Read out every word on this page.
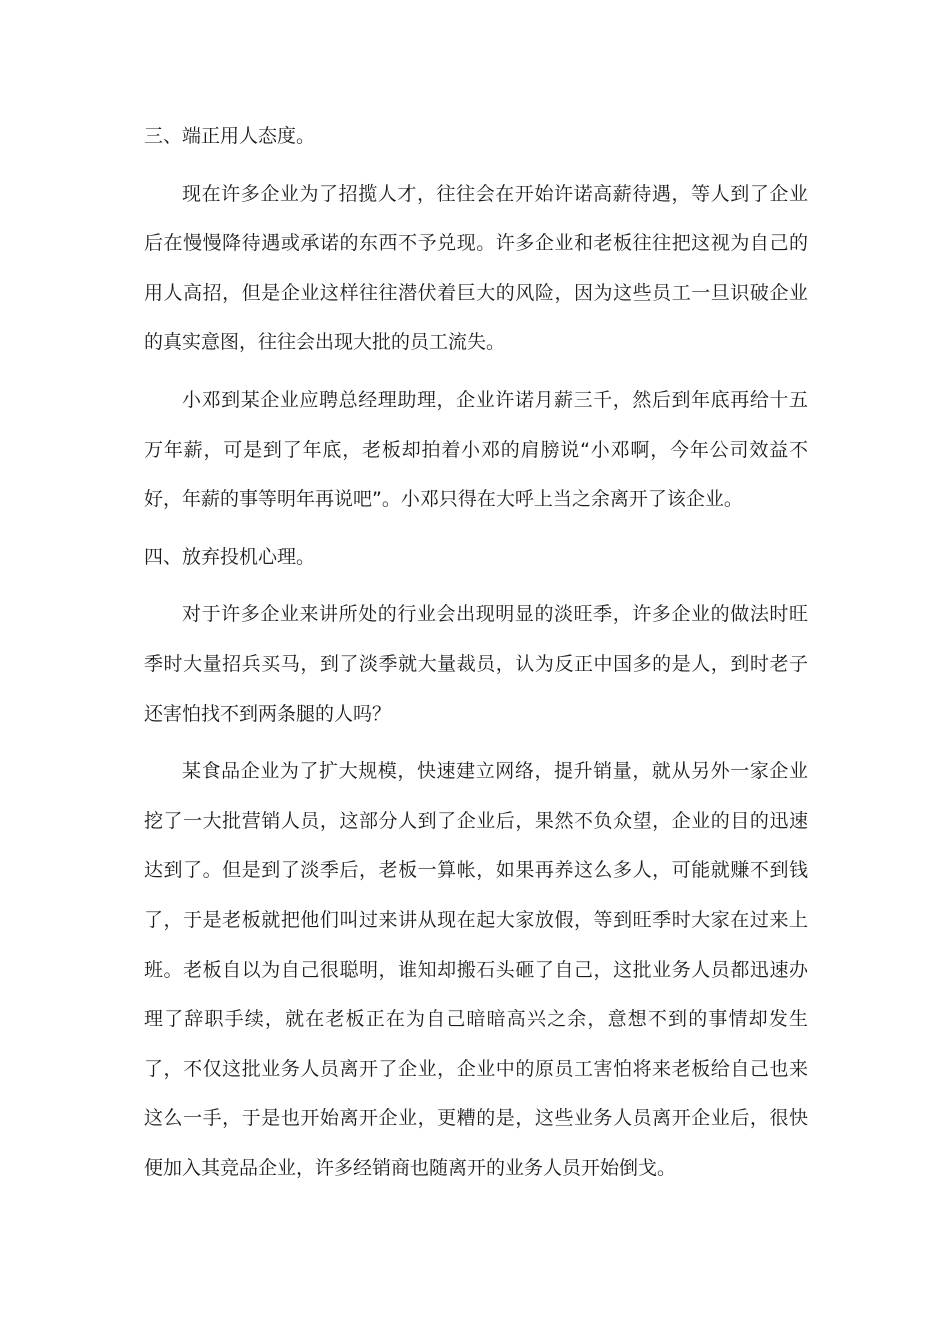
三、端正用人态度。
现在许多企业为了招揽人才，往往会在开始许诺高薪待遇，等人到了企业后在慢慢降待遇或承诺的东西不予兑现。许多企业和老板往往把这视为自己的用人高招，但是企业这样往往潜伏着巨大的风险，因为这些员工一旦识破企业的真实意图，往往会出现大批的员工流失。
小邓到某企业应聘总经理助理，企业许诺月薪三千，然后到年底再给十五万年薪，可是到了年底，老板却拍着小邓的肩膀说“小邓啊，今年公司效益不好，年薪的事等明年再说吧”。小邓只得在大呼上当之余离开了该企业。
四、放弃投机心理。
对于许多企业来讲所处的行业会出现明显的淡旺季，许多企业的做法时旺季时大量招兵买马，到了淡季就大量裁员，认为反正中国多的是人，到时老子还害怕找不到两条腿的人吗？
某食品企业为了扩大规模，快速建立网络，提升销量，就从另外一家企业挖了一大批营销人员，这部分人到了企业后，果然不负众望，企业的目的迅速达到了。但是到了淡季后，老板一算帐，如果再养这么多人，可能就赚不到钱了，于是老板就把他们叫过来讲从现在起大家放假，等到旺季时大家在过来上班。老板自以为自己很聪明，谁知却搬石头砸了自己，这批业务人员都迅速办理了辞职手续，就在老板正在为自己暗暗高兴之余，意想不到的事情却发生了，不仅这批业务人员离开了企业，企业中的原员工害怕将来老板给自己也来这么一手，于是也开始离开企业，更糟的是，这些业务人员离开企业后，很快便加入其竞品企业，许多经销商也随离开的业务人员开始倒戈。
